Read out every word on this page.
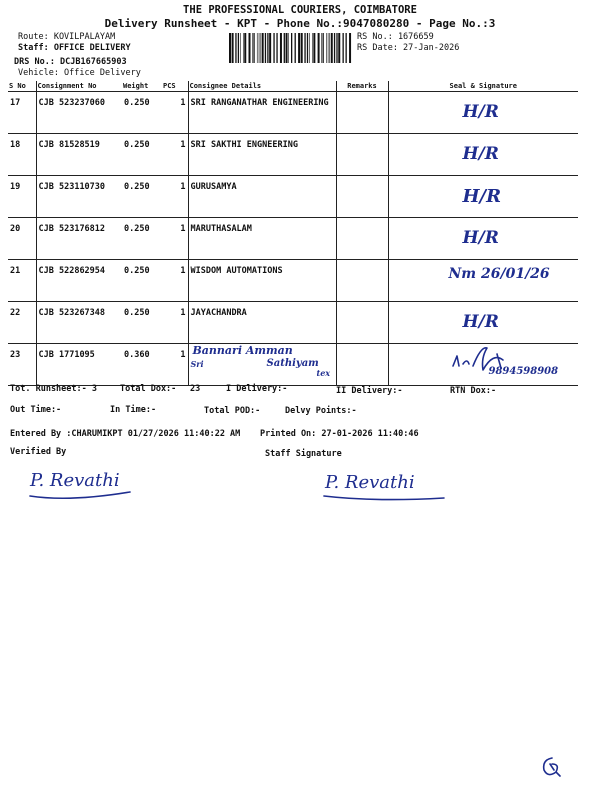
THE PROFESSIONAL COURIERS, COIMBATORE
Delivery Runsheet - KPT - Phone No.:9047080280 - Page No.:3
Route: KOVILPALAYAM
Staff: OFFICE DELIVERY
DRS No.: DCJB167665903
Vehicle: Office Delivery
RS No.: 1676659
RS Date: 27-Jan-2026
S No	Consignment No	Weight	PCS	Consignee Details	Remarks	Seal & Signature
17	CJB 523237060	0.250	1	SRI RANGANATHAR ENGINEERING		H/R

18	CJB 81528519	0.250	1	SRI SAKTHI ENGNEERING		H/R

19	CJB 523110730	0.250	1	GURUSAMYA		H/R

20	CJB 523176812	0.250	1	MARUTHASALAM		H/R

21	CJB 522862954	0.250	1	WISDOM AUTOMATIONS		Nm 26/01/26

22	CJB 523267348	0.250	1	JAYACHANDRA		H/R

23	CJB 1771095	0.360	1	Bannari Amman
Sri Sathiyam
tex		9894598908
Tot. Runsheet:- 3	Total Dox:- 23	I Delivery:-	II Delivery:-	RTN Dox:-
Out Time:-	In Time:-	Total POD:-	Delvy Points:-
Entered By :CHARUMIKPT 01/27/2026 11:40:22 AM Printed On: 27-01-2026 11:40:46
Verified By	Staff Signature
P. Revathi	P. Revathi
